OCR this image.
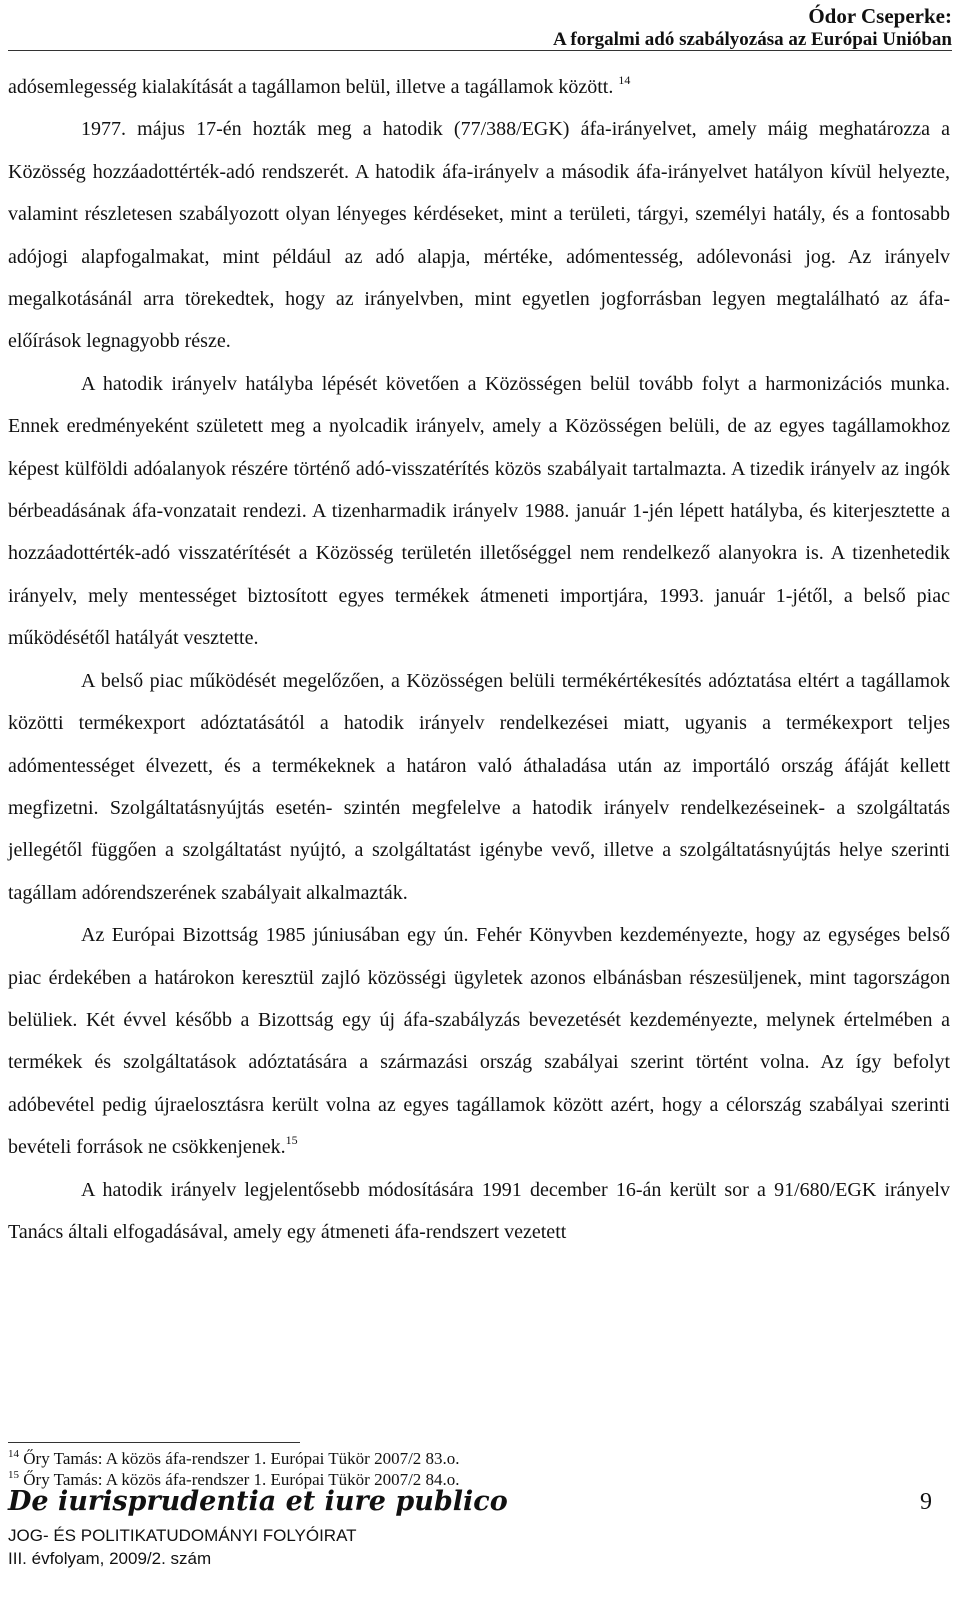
Ódor Cseperke:
A forgalmi adó szabályozása az Európai Unióban

adósemlegesség kialakítását a tagállamon belül, illetve a tagállamok között. $^{14}$

1977. május 17-én hozták meg a hatodik (77/388/EGK) áfa-irányelvet, amely máig meghatározza a Közösség hozzáadottérték-adó rendszerét. A hatodik áfa-irányelv a második áfa-irányelvet hatályon kívül helyezte, valamint részletesen szabályozott olyan lényeges kérdéseket, mint a területi, tárgyi, személyi hatály, és a fontosabb adójogi alapfogalmakat, mint például az adó alapja, mértéke, adómentesség, adólevonási jog. Az irányelv megalkotásánál arra törekedtek, hogy az irányelvben, mint egyetlen jogforrásban legyen megtalálható az áfa-előírások legnagyobb része.

A hatodik irányelv hatályba lépését követően a Közösségen belül tovább folyt a harmonizációs munka. Ennek eredményeként született meg a nyolcadik irányelv, amely a Közösségen belüli, de az egyes tagállamokhoz képest külföldi adóalanyok részére történő adó-visszatérítés közös szabályait tartalmazta. A tizedik irányelv az ingók bérbeadásának áfa-vonzatait rendezi. A tizenharmadik irányelv 1988. január 1-jén lépett hatályba, és kiterjesztette a hozzáadottérték-adó visszatérítését a Közösség területén illetőséggel nem rendelkező alanyokra is. A tizenhetedik irányelv, mely mentességet biztosított egyes termékek átmeneti importjára, 1993. január 1-jétől, a belső piac működésétől hatályát vesztette.

A belső piac működését megelőzően, a Közösségen belüli termékértékesítés adóztatása eltért a tagállamok közötti termékexport adóztatásától a hatodik irányelv rendelkezései miatt, ugyanis a termékexport teljes adómentességet élvezett, és a termékeknek a határon való áthaladása után az importáló ország áfáját kellett megfizetni. Szolgáltatásnyújtás esetén- szintén megfelelve a hatodik irányelv rendelkezéseinek- a szolgáltatás jellegétől függően a szolgáltatást nyújtó, a szolgáltatást igénybe vevő, illetve a szolgáltatásnyújtás helye szerinti tagállam adórendszerének szabályait alkalmazták.

Az Európai Bizottság 1985 júniusában egy ún. Fehér Könyvben kezdeményezte, hogy az egységes belső piac érdekében a határokon keresztül zajló közösségi ügyletek azonos elbánásban részesüljenek, mint tagországon belüliek. Két évvel később a Bizottság egy új áfa-szabályzás bevezetését kezdeményezte, melynek értelmében a termékek és szolgáltatások adóztatására a származási ország szabályai szerint történt volna. Az így befolyt adóbevétel pedig újraelosztásra került volna az egyes tagállamok között azért, hogy a célország szabályai szerinti bevételi források ne csökkenjenek.$^{15}$

A hatodik irányelv legjelentősebb módosítására 1991 december 16-án került sor a 91/680/EGK irányelv Tanács általi elfogadásával, amely egy átmeneti áfa-rendszert vezetett

$^{14}$ Őry Tamás: A közös áfa-rendszer 1. Európai Tükör 2007/2 83.o.
$^{15}$ Őry Tamás: A közös áfa-rendszer 1. Európai Tükör 2007/2 84.o.
De iurisprudentia et iure publico	9
JOG- ÉS POLITIKATUDOMÁNYI FOLYÓIRAT
III. évfolyam, 2009/2. szám
